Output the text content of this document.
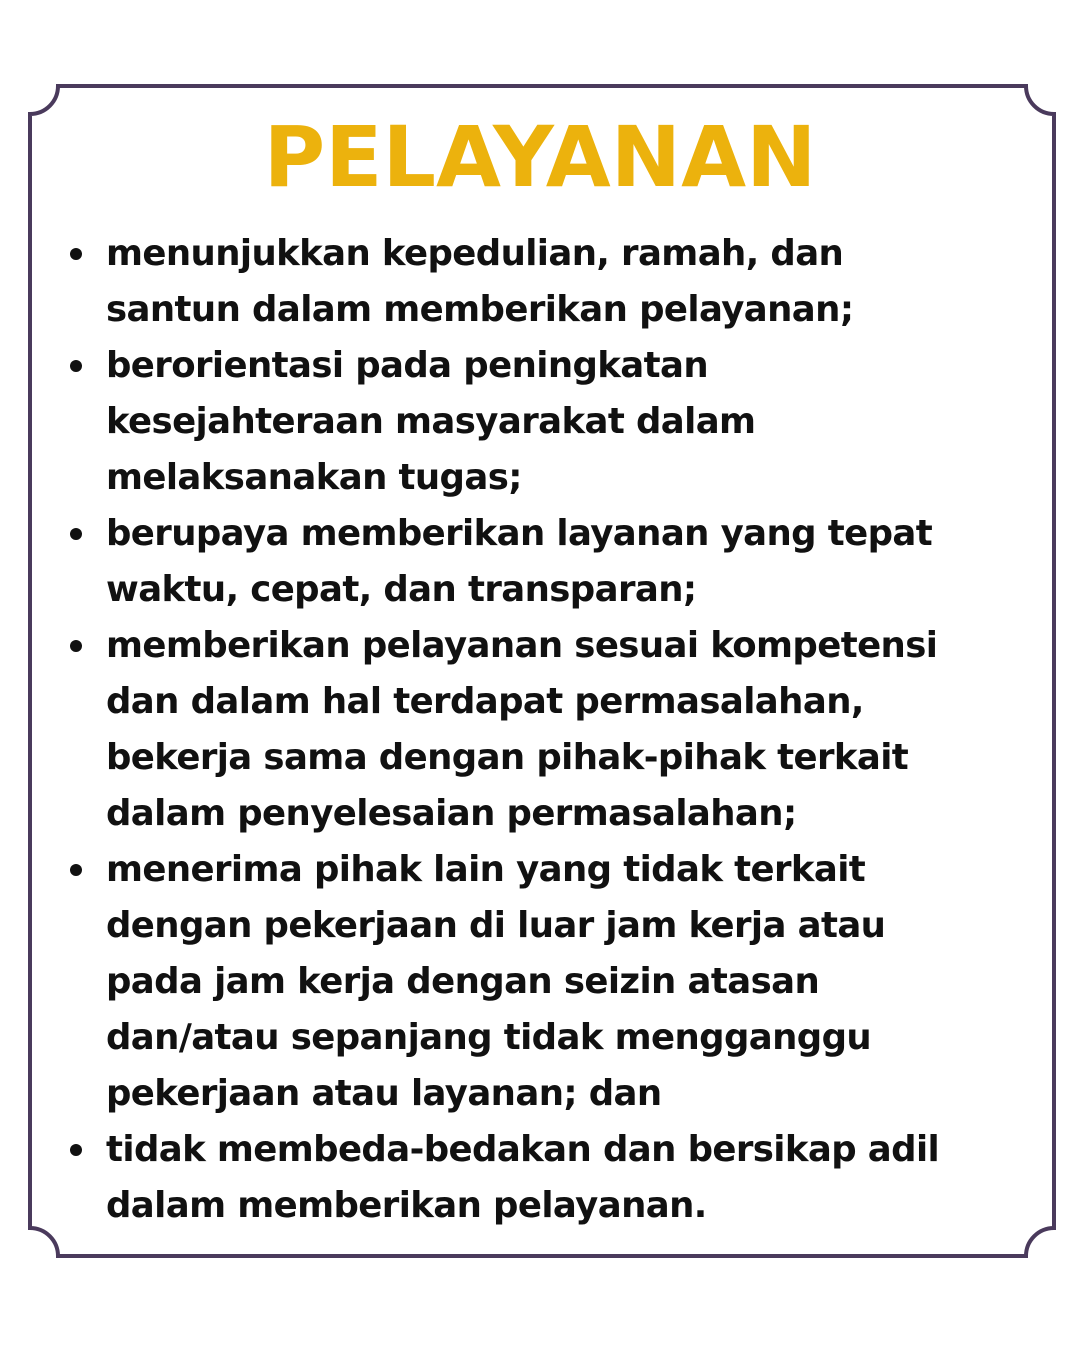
PELAYANAN
menunjukkan kepedulian, ramah, dan
santun dalam memberikan pelayanan;
berorientasi pada peningkatan
kesejahteraan masyarakat dalam
melaksanakan tugas;
berupaya memberikan layanan yang tepat
waktu, cepat, dan transparan;
memberikan pelayanan sesuai kompetensi
dan dalam hal terdapat permasalahan,
bekerja sama dengan pihak-pihak terkait
dalam penyelesaian permasalahan;
menerima pihak lain yang tidak terkait
dengan pekerjaan di luar jam kerja atau
pada jam kerja dengan seizin atasan
dan/atau sepanjang tidak mengganggu
pekerjaan atau layanan; dan
tidak membeda-bedakan dan bersikap adil
dalam memberikan pelayanan.
